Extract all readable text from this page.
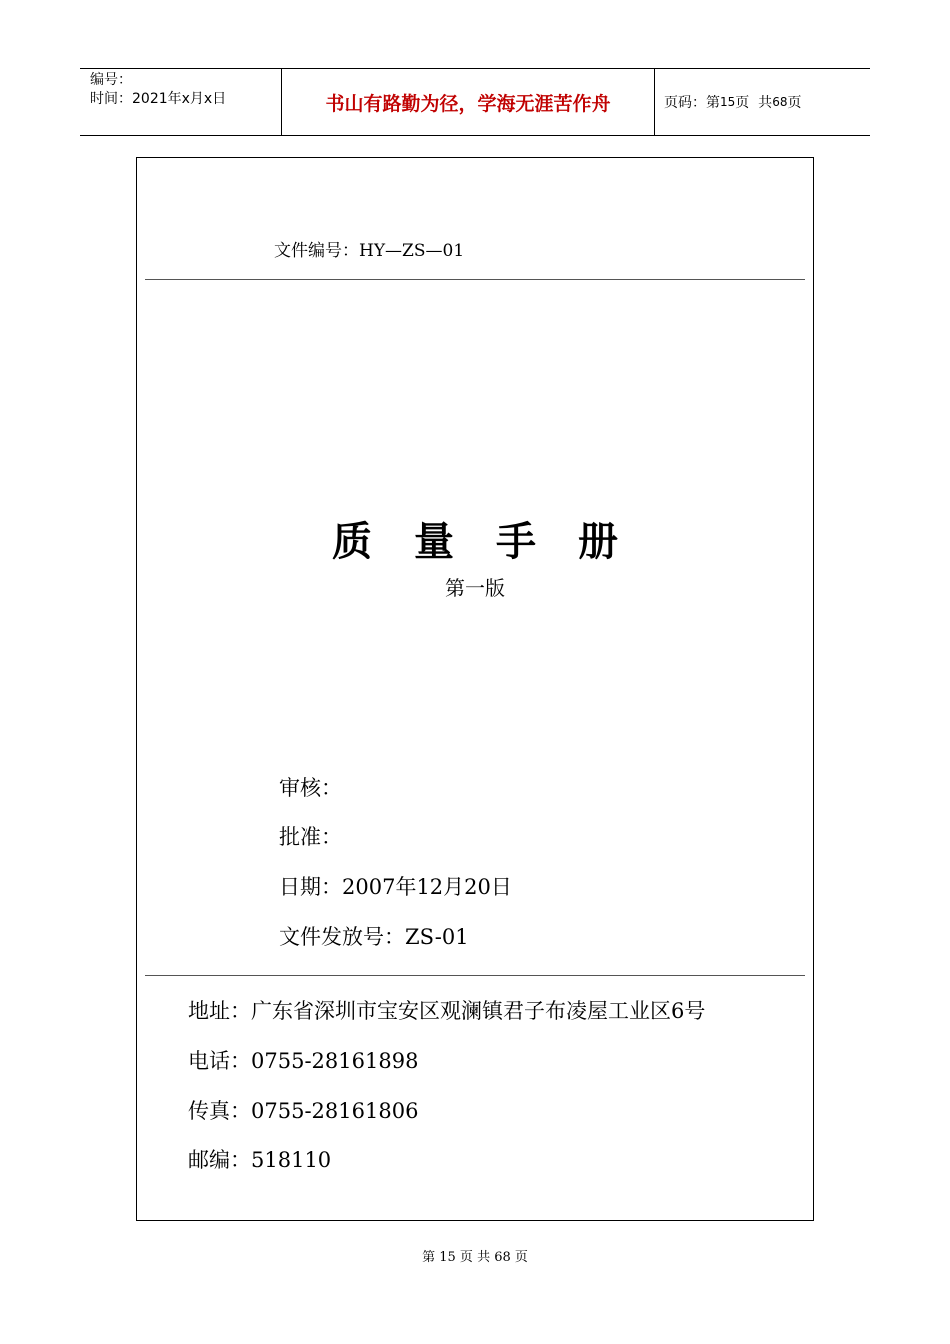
编号：
时间：2021年x月x日	书山有路勤为径，学海无涯苦作舟	页码：第 15 页  共 68 页
文件编号：HY—ZS—01
质 量 手 册
第一版
审核：
批准：
日期：2007年12月20日
文件发放号：ZS-01
地址：广东省深圳市宝安区观澜镇君子布凌屋工业区6号
电话：0755-28161898
传真：0755-28161806
邮编：518110
第 15 页 共 68 页
